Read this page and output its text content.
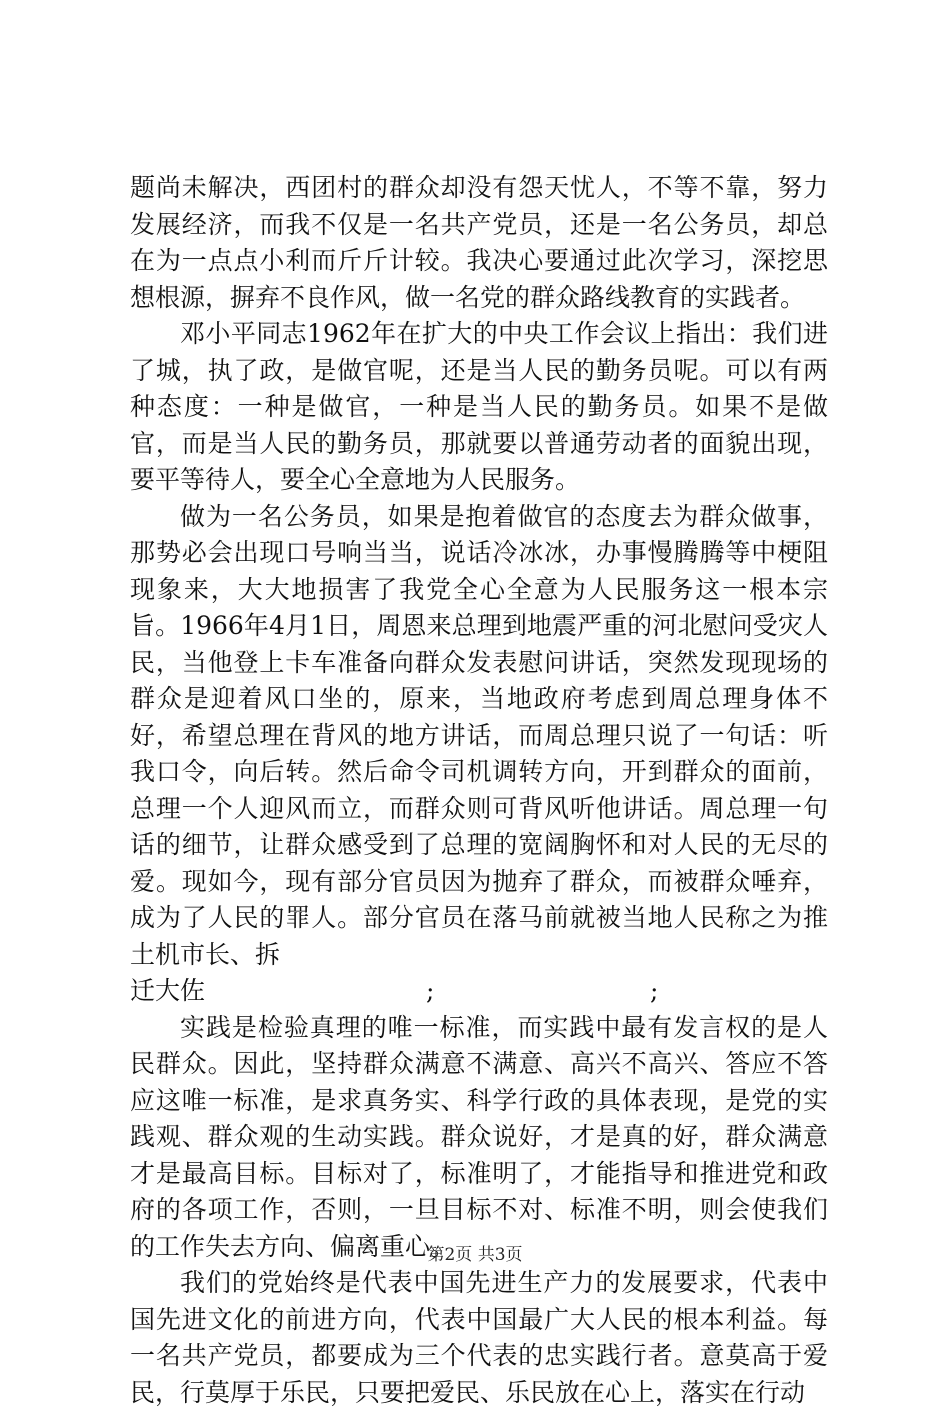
题尚未解决，西团村的群众却没有怨天忧人，不等不靠，努力发展经济，而我不仅是一名共产党员，还是一名公务员，却总在为一点点小利而斤斤计较。我决心要通过此次学习，深挖思想根源，摒弃不良作风，做一名党的群众路线教育的实践者。

邓小平同志1962年在扩大的中央工作会议上指出：我们进了城，执了政，是做官呢，还是当人民的勤务员呢。可以有两种态度：一种是做官，一种是当人民的勤务员。如果不是做官，而是当人民的勤务员，那就要以普通劳动者的面貌出现，要平等待人，要全心全意地为人民服务。

做为一名公务员，如果是抱着做官的态度去为群众做事，那势必会出现口号响当当，说话冷冰冰，办事慢腾腾等中梗阻现象来，大大地损害了我党全心全意为人民服务这一根本宗旨。1966年4月1日，周恩来总理到地震严重的河北慰问受灾人民，当他登上卡车准备向群众发表慰问讲话，突然发现现场的群众是迎着风口坐的，原来，当地政府考虑到周总理身体不好，希望总理在背风的地方讲话，而周总理只说了一句话：听我口令，向后转。然后命令司机调转方向，开到群众的面前，总理一个人迎风而立，而群众则可背风听他讲话。周总理一句话的细节，让群众感受到了总理的宽阔胸怀和对人民的无尽的爱。现如今，现有部分官员因为抛弃了群众，而被群众唾弃，成为了人民的罪人。部分官员在落马前就被当地人民称之为推土机市长、拆

迁大佐	;	;

实践是检验真理的唯一标准，而实践中最有发言权的是人民群众。因此，坚持群众满意不满意、高兴不高兴、答应不答应这唯一标准，是求真务实、科学行政的具体表现，是党的实践观、群众观的生动实践。群众说好，才是真的好，群众满意才是最高目标。目标对了，标准明了，才能指导和推进党和政府的各项工作，否则，一旦目标不对、标准不明，则会使我们的工作失去方向、偏离重心。

我们的党始终是代表中国先进生产力的发展要求，代表中国先进文化的前进方向，代表中国最广大人民的根本利益。每一名共产党员，都要成为三个代表的忠实践行者。意莫高于爱民，行莫厚于乐民，只要把爱民、乐民放在心上，落实在行动

第2页 共3页
